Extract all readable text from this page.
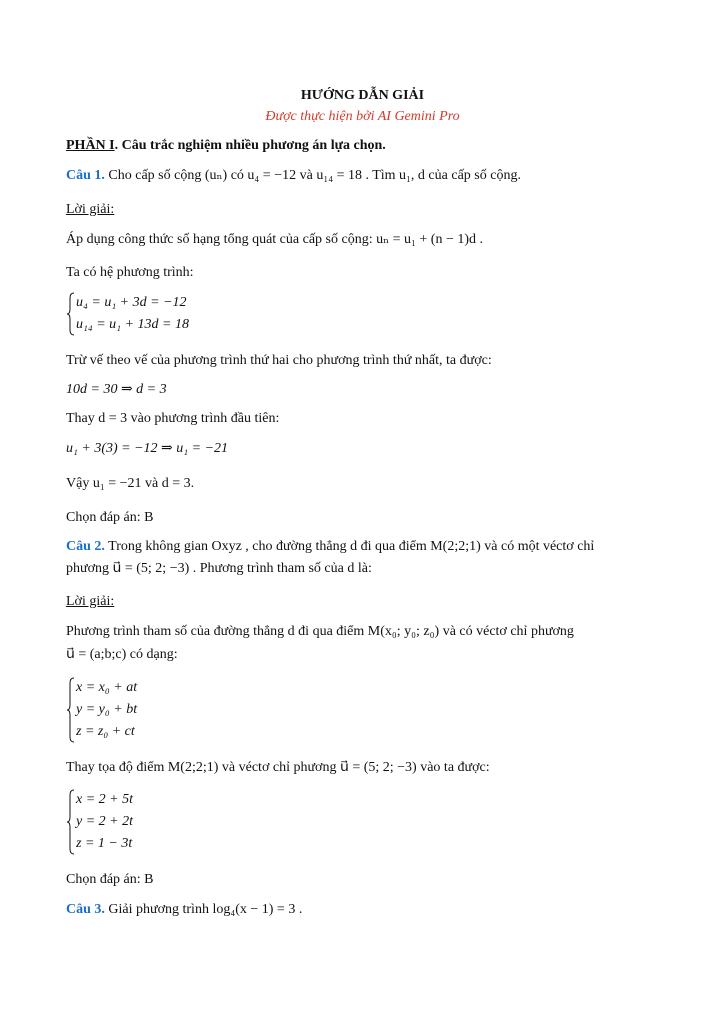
HƯỚNG DẪN GIẢI
Được thực hiện bởi AI Gemini Pro
PHẦN I. Câu trắc nghiệm nhiều phương án lựa chọn.
Câu 1. Cho cấp số cộng (uₙ) có u₄ = −12 và u₁₄ = 18 . Tìm u₁, d của cấp số cộng.
Lời giải:
Áp dụng công thức số hạng tổng quát của cấp số cộng: uₙ = u₁ + (n − 1)d .
Ta có hệ phương trình:
u₄ = u₁ + 3d = −12
u₁₄ = u₁ + 13d = 18
Trừ vế theo vế của phương trình thứ hai cho phương trình thứ nhất, ta được:
10d = 30 ⇒ d = 3
Thay d = 3 vào phương trình đầu tiên:
u₁ + 3(3) = −12 ⇒ u₁ = −21
Vậy u₁ = −21 và d = 3.
Chọn đáp án: B
Câu 2. Trong không gian Oxyz , cho đường thẳng d đi qua điểm M(2;2;1) và có một véctơ chỉ
phương u⃗ = (5; 2; −3) . Phương trình tham số của d là:
Lời giải:
Phương trình tham số của đường thẳng d đi qua điểm M(x₀; y₀; z₀) và có véctơ chỉ phương
u⃗ = (a;b;c) có dạng:
x = x₀ + at
y = y₀ + bt
z = z₀ + ct
Thay tọa độ điểm M(2;2;1) và véctơ chỉ phương u⃗ = (5; 2; −3) vào ta được:
x = 2 + 5t
y = 2 + 2t
z = 1 − 3t
Chọn đáp án: B
Câu 3. Giải phương trình log₄(x − 1) = 3 .
